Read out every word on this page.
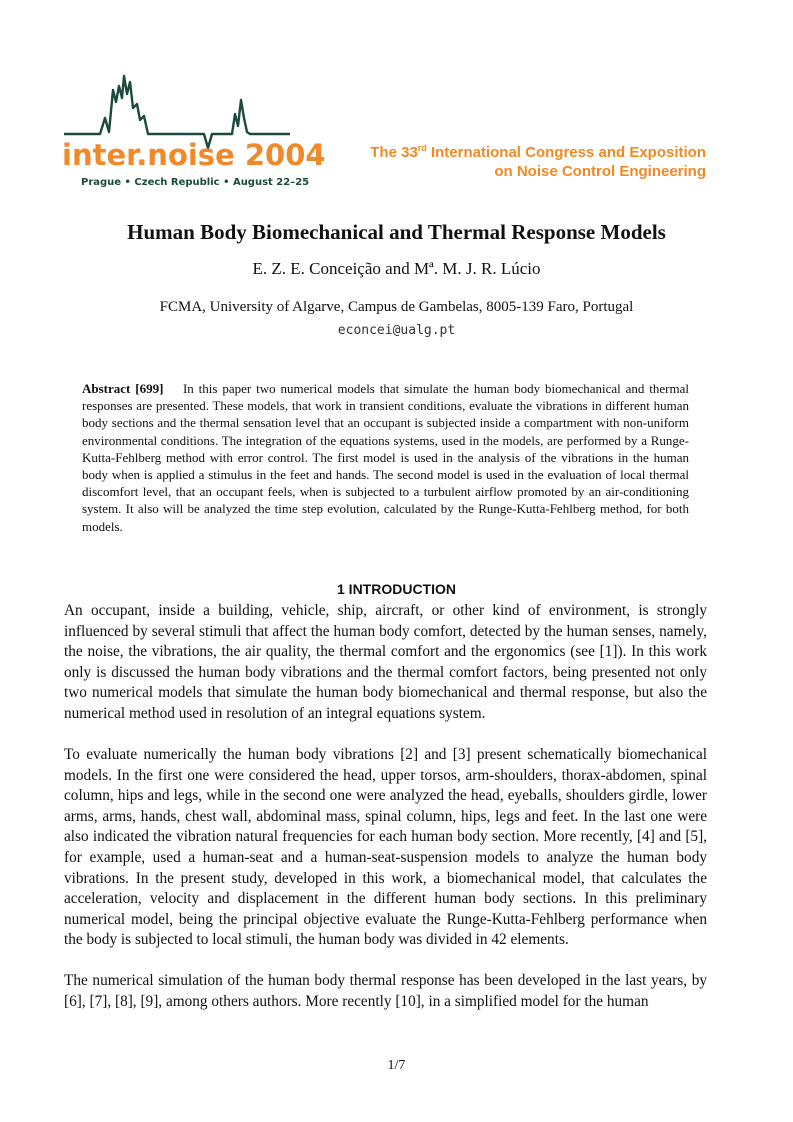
inter.noise 2004
Prague • Czech Republic • August 22–25
The 33rd International Congress and Exposition
on Noise Control Engineering
Human Body Biomechanical and Thermal Response Models
E. Z. E. Conceição and Mª. M. J. R. Lúcio
FCMA, University of Algarve, Campus de Gambelas, 8005-139 Faro, Portugal
econcei@ualg.pt
Abstract [699] In this paper two numerical models that simulate the human body biomechanical and thermal responses are presented. These models, that work in transient conditions, evaluate the vibrations in different human body sections and the thermal sensation level that an occupant is subjected inside a compartment with non-uniform environmental conditions. The integration of the equations systems, used in the models, are performed by a Runge-Kutta-Fehlberg method with error control. The first model is used in the analysis of the vibrations in the human body when is applied a stimulus in the feet and hands. The second model is used in the evaluation of local thermal discomfort level, that an occupant feels, when is subjected to a turbulent airflow promoted by an air-conditioning system. It also will be analyzed the time step evolution, calculated by the Runge-Kutta-Fehlberg method, for both models.
1 INTRODUCTION

An occupant, inside a building, vehicle, ship, aircraft, or other kind of environment, is strongly influenced by several stimuli that affect the human body comfort, detected by the human senses, namely, the noise, the vibrations, the air quality, the thermal comfort and the ergonomics (see [1]). In this work only is discussed the human body vibrations and the thermal comfort factors, being presented not only two numerical models that simulate the human body biomechanical and thermal response, but also the numerical method used in resolution of an integral equations system.

To evaluate numerically the human body vibrations [2] and [3] present schematically biomechanical models. In the first one were considered the head, upper torsos, arm-shoulders, thorax-abdomen, spinal column, hips and legs, while in the second one were analyzed the head, eyeballs, shoulders girdle, lower arms, arms, hands, chest wall, abdominal mass, spinal column, hips, legs and feet. In the last one were also indicated the vibration natural frequencies for each human body section. More recently, [4] and [5], for example, used a human-seat and a human-seat-suspension models to analyze the human body vibrations. In the present study, developed in this work, a biomechanical model, that calculates the acceleration, velocity and displacement in the different human body sections. In this preliminary numerical model, being the principal objective evaluate the Runge-Kutta-Fehlberg performance when the body is subjected to local stimuli, the human body was divided in 42 elements.

The numerical simulation of the human body thermal response has been developed in the last years, by [6], [7], [8], [9], among others authors. More recently [10], in a simplified model for the human

1/7
